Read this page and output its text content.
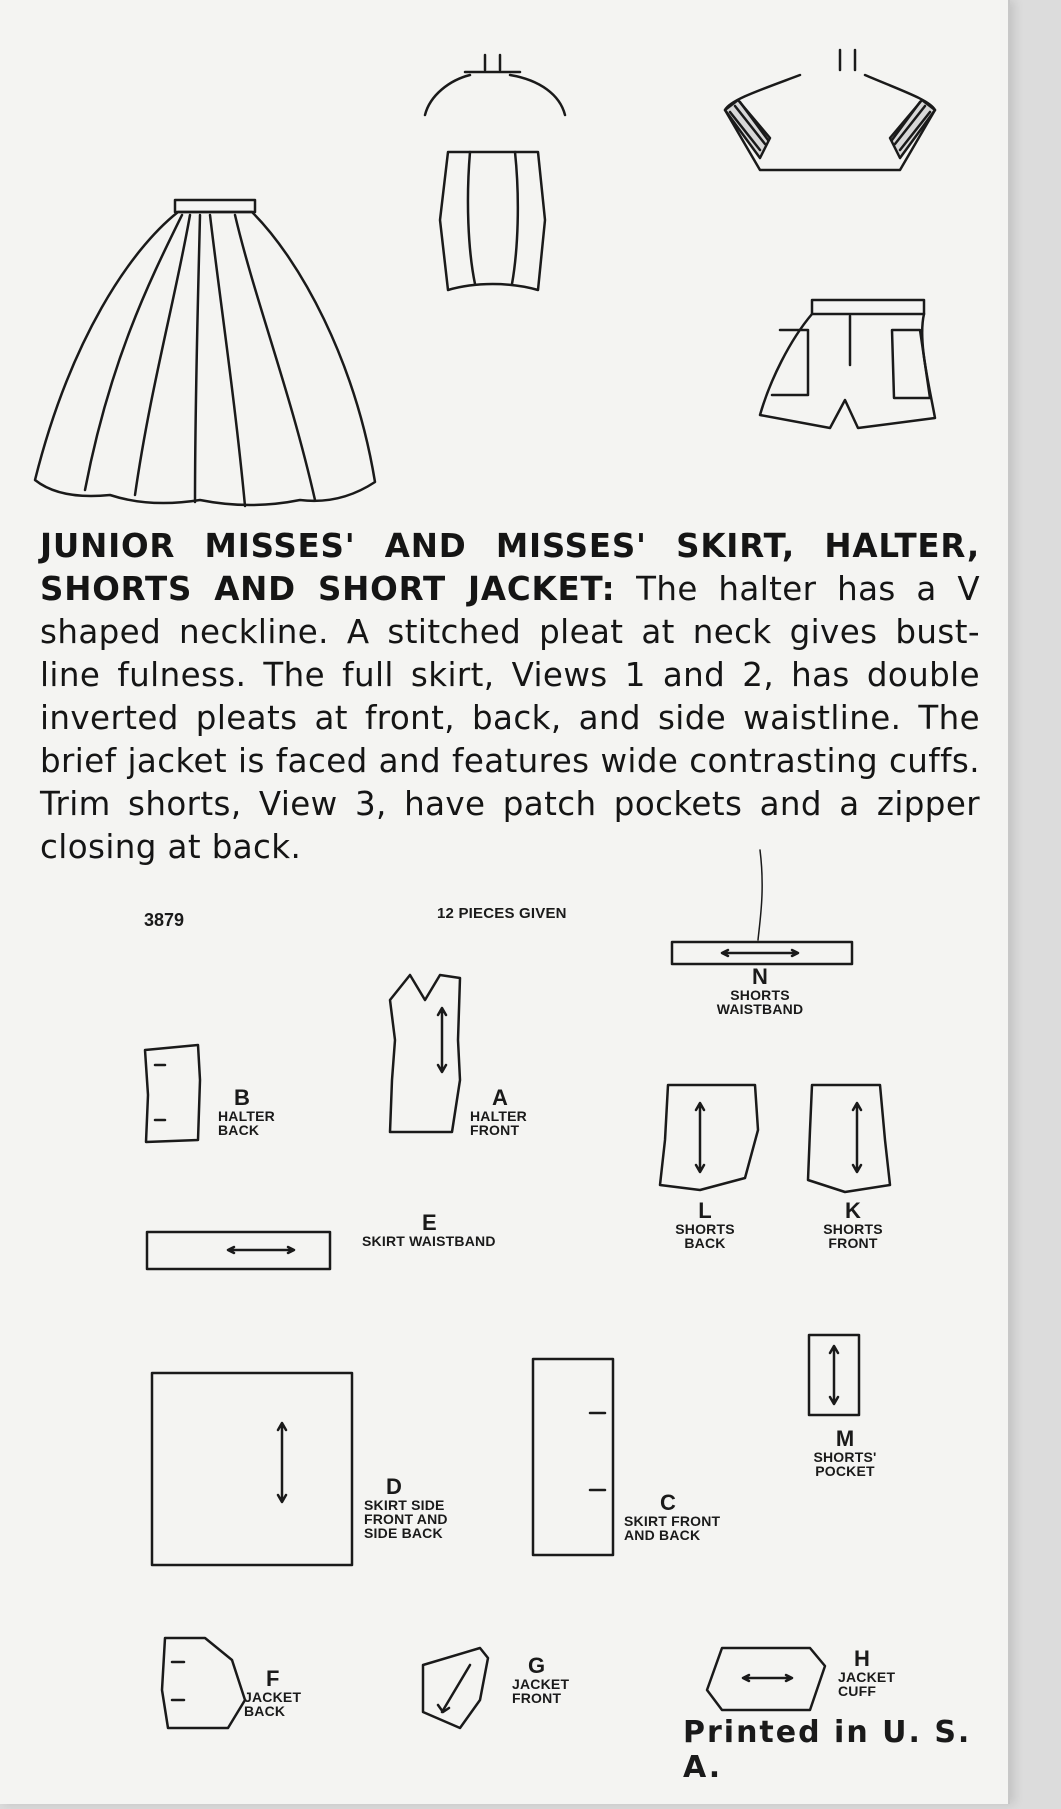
JUNIOR MISSES' AND MISSES' SKIRT, HALTER, SHORTS AND SHORT JACKET: The halter has a V shaped neckline. A stitched pleat at neck gives bust-line fulness. The full skirt, Views 1 and 2, has double inverted pleats at front, back, and side waistline. The brief jacket is faced and features wide contrasting cuffs. Trim shorts, View 3, have patch pockets and a zipper closing at back.
3879	12 PIECES GIVEN
N
SHORTS
WAISTBAND
B
HALTER
BACK
A
HALTER
FRONT
E
SKIRT WAISTBAND
L
SHORTS
BACK
K
SHORTS
FRONT
M
SHORTS'
POCKET
D
SKIRT SIDE
FRONT AND
SIDE BACK
C
SKIRT FRONT
AND BACK
F
JACKET
BACK
G
JACKET
FRONT
H
JACKET
CUFF
Printed in U. S. A.
